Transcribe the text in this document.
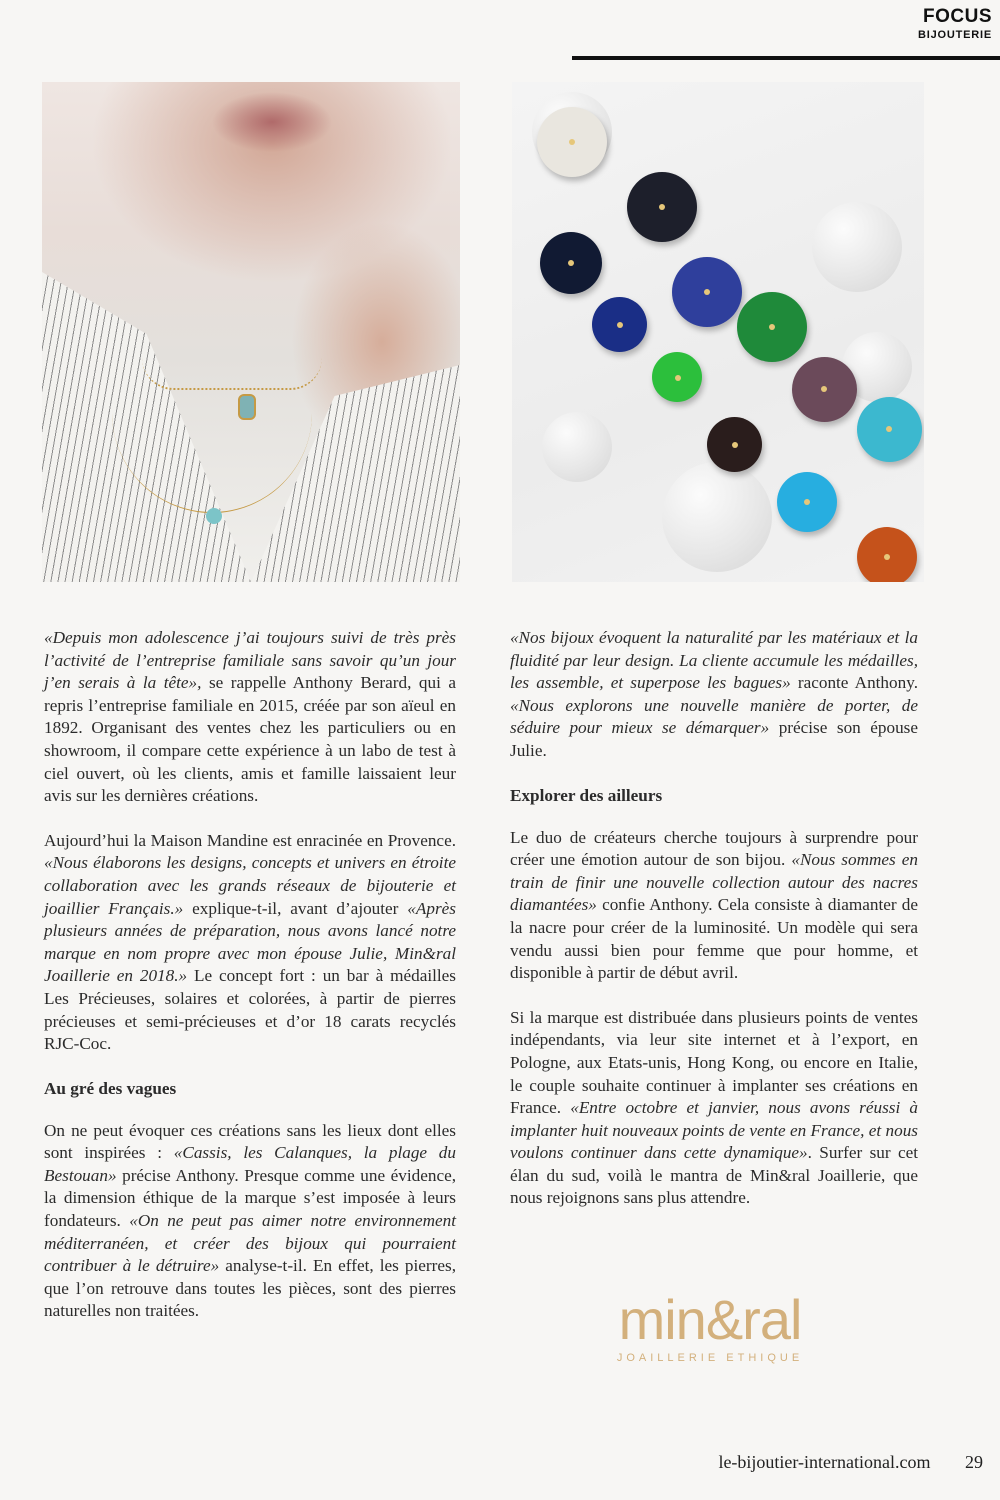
FOCUS
BIJOUTERIE

«Depuis mon adolescence j’ai toujours suivi de très près l’activité de l’entreprise familiale sans savoir qu’un jour j’en serais à la tête», se rappelle Anthony Berard, qui a repris l’entreprise familiale en 2015, créée par son aïeul en 1892. Organisant des ventes chez les particuliers ou en showroom, il compare cette expérience à un labo de test à ciel ouvert, où les clients, amis et famille laissaient leur avis sur les dernières créations.

Aujourd’hui la Maison Mandine est enracinée en Provence. «Nous élaborons les designs, concepts et univers en étroite collaboration avec les grands réseaux de bijouterie et joaillier Français.» explique-t-il, avant d’ajouter «Après plusieurs années de préparation, nous avons lancé notre marque en nom propre avec mon épouse Julie, Min&ral Joaillerie en 2018.» Le concept fort : un bar à médailles Les Précieuses, solaires et colorées, à partir de pierres précieuses et semi-précieuses et d’or 18 carats recyclés RJC-Coc.

Au gré des vagues

On ne peut évoquer ces créations sans les lieux dont elles sont inspirées : «Cassis, les Calanques, la plage du Bestouan» précise Anthony. Presque comme une évidence, la dimension éthique de la marque s’est imposée à leurs fondateurs. «On ne peut pas aimer notre environnement méditerranéen, et créer des bijoux qui pourraient contribuer à le détruire» analyse-t-il. En effet, les pierres, que l’on retrouve dans toutes les pièces, sont des pierres naturelles non traitées.

«Nos bijoux évoquent la naturalité par les matériaux et la fluidité par leur design. La cliente accumule les médailles, les assemble, et superpose les bagues» raconte Anthony. «Nous explorons une nouvelle manière de porter, de séduire pour mieux se démarquer» précise son épouse Julie.

Explorer des ailleurs

Le duo de créateurs cherche toujours à surprendre pour créer une émotion autour de son bijou. «Nous sommes en train de finir une nouvelle collection autour des nacres diamantées» confie Anthony. Cela consiste à diamanter de la nacre pour créer de la luminosité. Un modèle qui sera vendu aussi bien pour femme que pour homme, et disponible à partir de début avril.

Si la marque est distribuée dans plusieurs points de ventes indépendants, via leur site internet et à l’export, en Pologne, aux Etats-unis, Hong Kong, ou encore en Italie, le couple souhaite continuer à implanter ses créations en France. «Entre octobre et janvier, nous avons réussi à implanter huit nouveaux points de vente en France, et nous voulons continuer dans cette dynamique». Surfer sur cet élan du sud, voilà le mantra de Min&ral Joaillerie, que nous rejoignons sans plus attendre.

min&ral
JOAILLERIE ETHIQUE
le-bijoutier-international.com 29
